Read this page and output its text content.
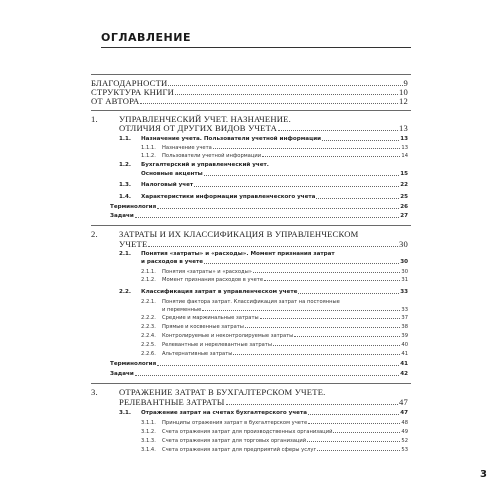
ОГЛАВЛЕНИЕ
БЛАГОДАРНОСТИ	9
СТРУКТУРА КНИГИ	10
ОТ АВТОРА	12
1. УПРАВЛЕНЧЕСКИЙ УЧЕТ. НАЗНАЧЕНИЕ.
ОТЛИЧИЯ ОТ ДРУГИХ ВИДОВ УЧЕТА	13
1.1.	Назначение учета. Пользователи учетной информации	13
1.1.1.	Назначение учета	13
1.1.2.	Пользователи учетной информации	14
1.2. Бухгалтерский и управленческий учет.
Основные акценты	15
1.3.	Налоговый учет	22
1.4.	Характеристики информации управленческого учета	25
Терминология	26
Задачи	27
2. ЗАТРАТЫ И ИХ КЛАССИФИКАЦИЯ В УПРАВЛЕНЧЕСКОМ
УЧЕТЕ	30
2.1. Понятия «затраты» и «расходы». Момент признания затрат
и расходов в учете	30
2.1.1.	Понятия «затраты» и «расходы»	30
2.1.2.	Момент признания расходов в учете	31
2.2.	Классификация затрат в управленческом учете	33
2.2.1. Понятие фактора затрат. Классификация затрат на постоянные
и переменные	33
2.2.2.	Средние и маржинальные затраты	37
2.2.3.	Прямые и косвенные затраты	38
2.2.4.	Контролируемые и неконтролируемые затраты	39
2.2.5.	Релевантные и нерелевантные затраты	40
2.2.6.	Альтернативные затраты	41
Терминология	41
Задачи	42
3. ОТРАЖЕНИЕ ЗАТРАТ В БУХГАЛТЕРСКОМ УЧЕТЕ.
РЕЛЕВАНТНЫЕ ЗАТРАТЫ	47
3.1.	Отражение затрат на счетах бухгалтерского учета	47
3.1.1.	Принципы отражения затрат в бухгалтерском учете	48
3.1.2.	Счета отражения затрат для производственных организаций	49
3.1.3.	Счета отражения затрат для торговых организаций	52
3.1.4.	Счета отражения затрат для предприятий сферы услуг	53
3
